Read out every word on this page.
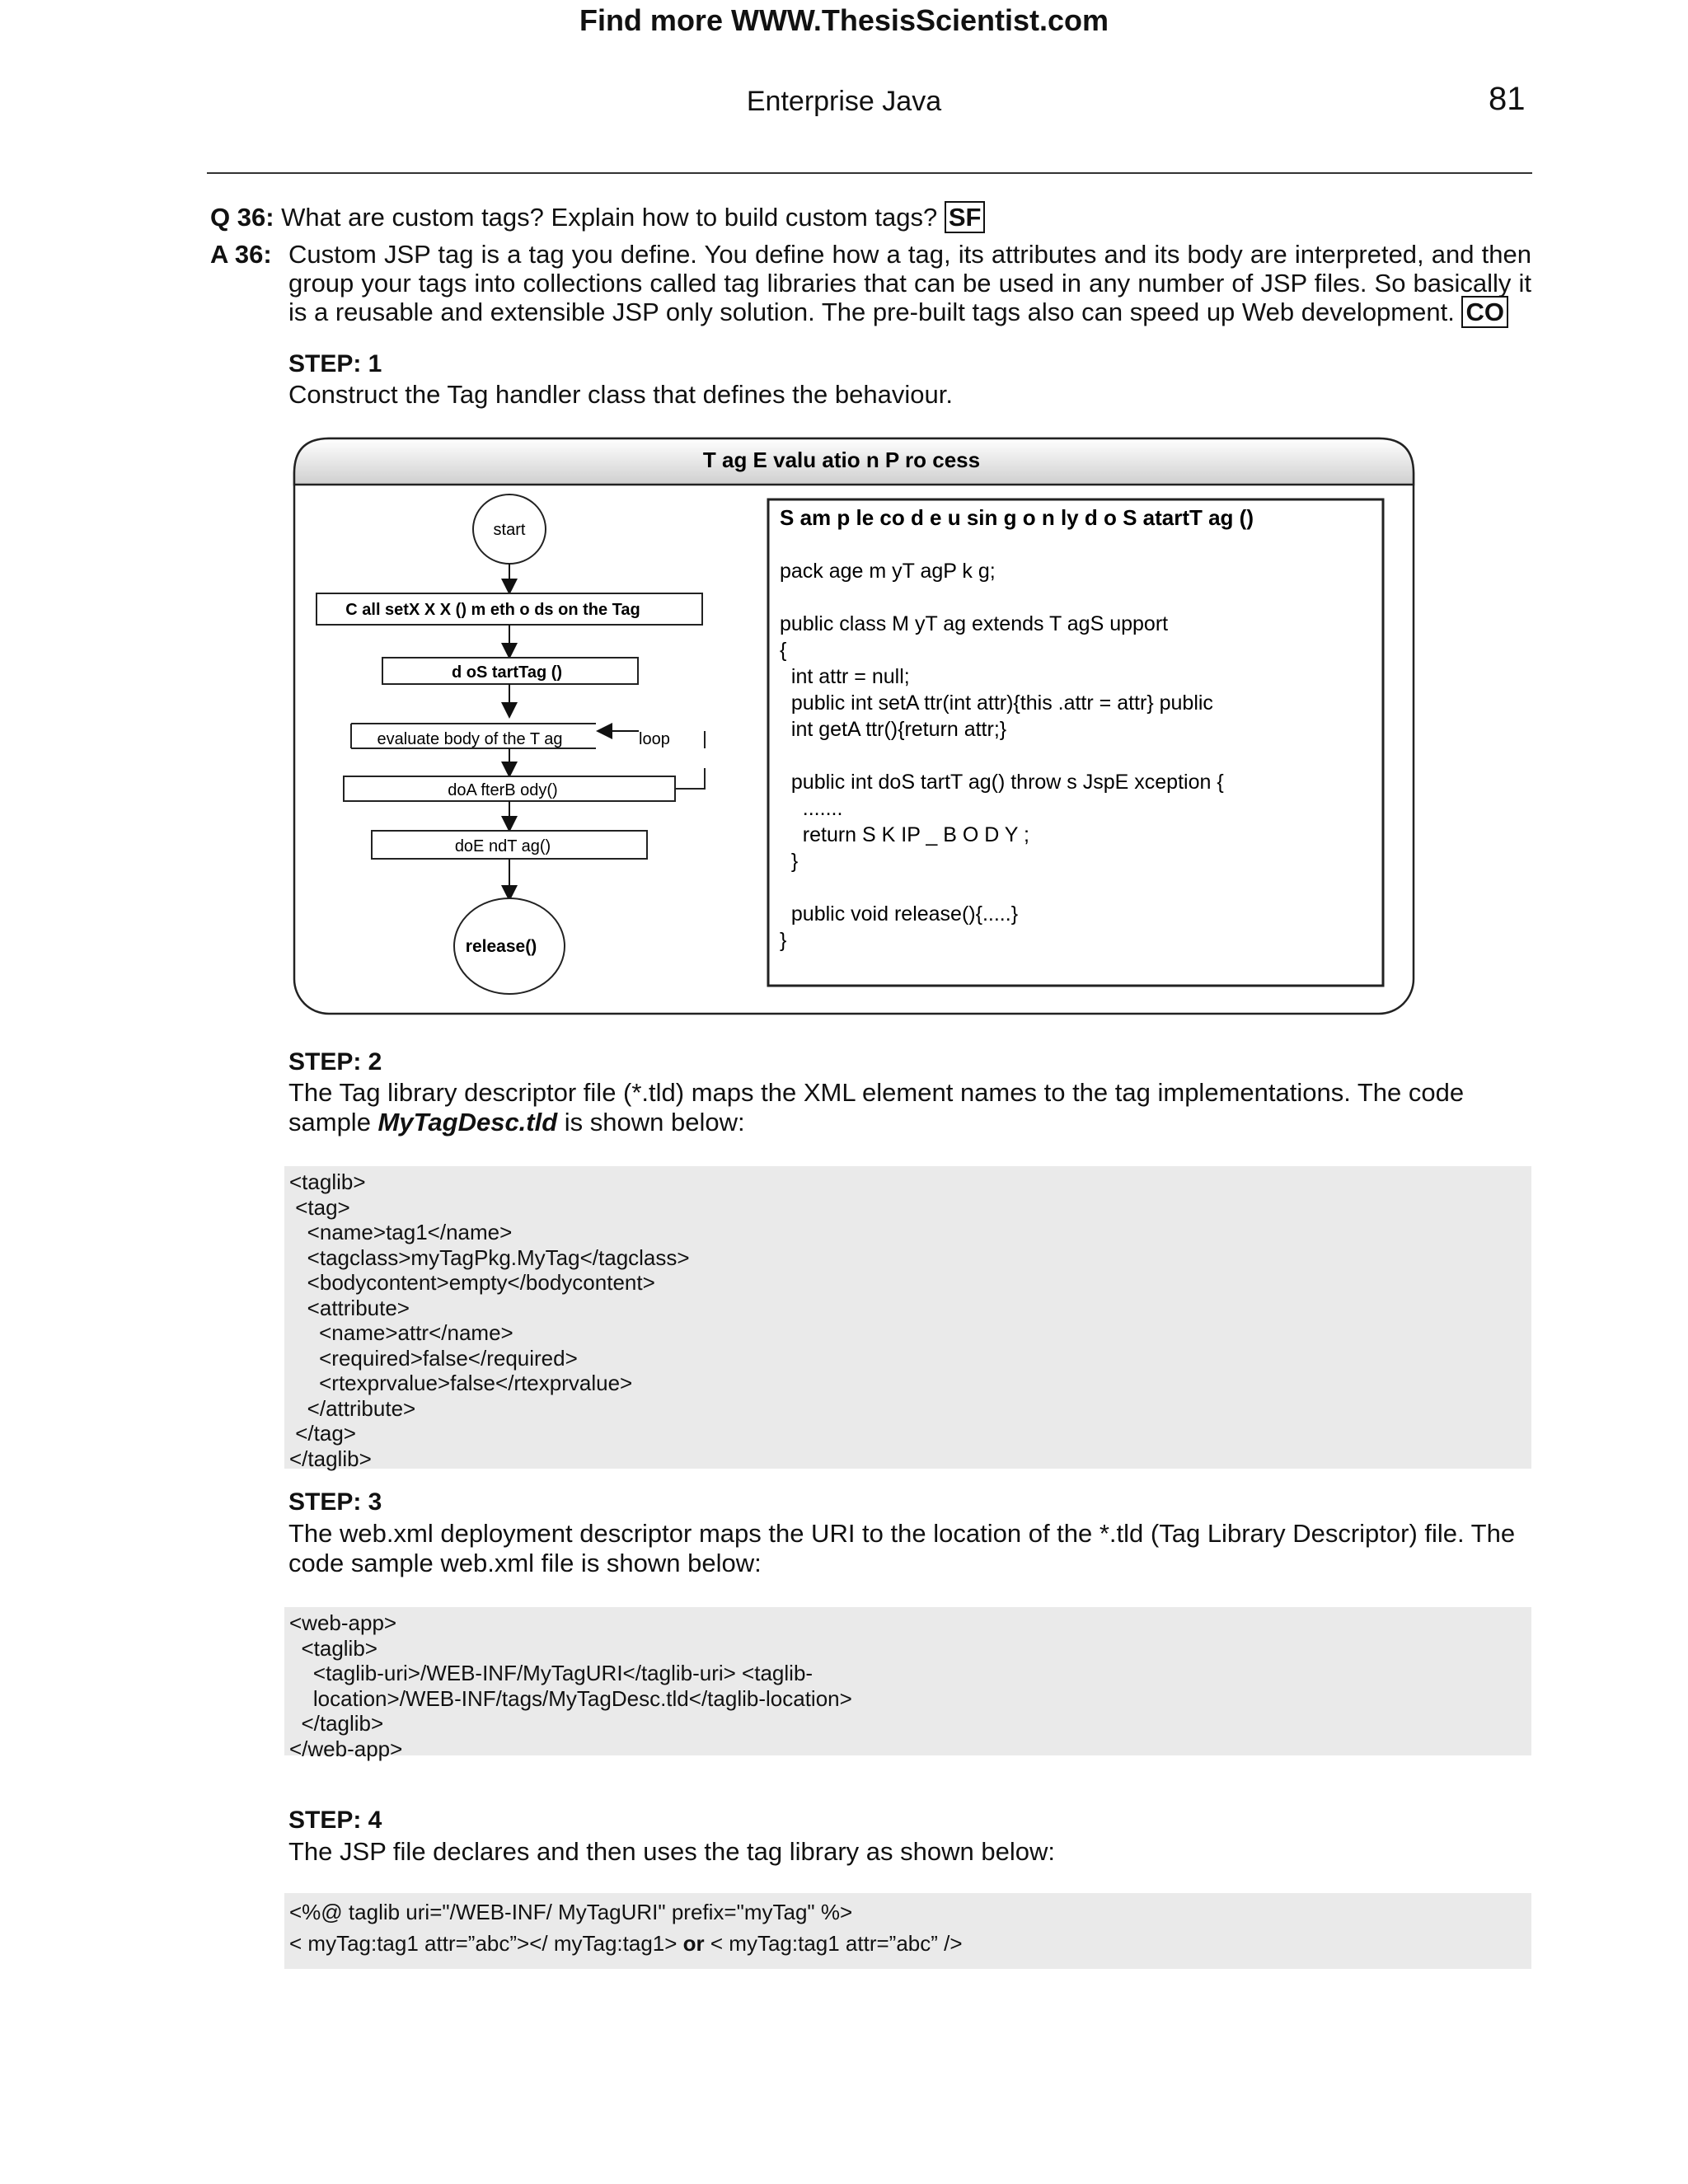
Find more WWW.ThesisScientist.com
Enterprise Java	81
Q 36: What are custom tags? Explain how to build custom tags? SF
A 36: Custom JSP tag is a tag you define. You define how a tag, its attributes and its body are interpreted, and then group your tags into collections called tag libraries that can be used in any number of JSP files. So basically it is a reusable and extensible JSP only solution. The pre-built tags also can speed up Web development. CO
STEP: 1
Construct the Tag handler class that defines the behaviour.
T ag E valu atio n P ro cess
start
C all setX X X () m eth o ds on the Tag
d oS tartTag ()
evaluate body of the T ag	loop
doA fterB ody()
doE ndT ag()
release()
S am p le co d e u sin g o n ly d o S atartT ag ()
pack age m yT agP k g;
public class M yT ag extends T agS upport
{
int attr = null;
public int setA ttr(int attr){this .attr = attr} public
int getA ttr(){return attr;}
public int doS tartT ag() throw s JspE xception {
.......
return S K IP _ B O D Y ;
}
public void release(){.....}
}
STEP: 2
The Tag library descriptor file (*.tld) maps the XML element names to the tag implementations. The code sample MyTagDesc.tld is shown below:
<taglib>
<tag>
<name>tag1</name>
<tagclass>myTagPkg.MyTag</tagclass>
<bodycontent>empty</bodycontent>
<attribute>
<name>attr</name>
<required>false</required>
<rtexprvalue>false</rtexprvalue>
</attribute>
</tag>
</taglib>
STEP: 3
The web.xml deployment descriptor maps the URI to the location of the *.tld (Tag Library Descriptor) file. The code sample web.xml file is shown below:
<web-app>
<taglib>
<taglib-uri>/WEB-INF/MyTagURI</taglib-uri> <taglib-
location>/WEB-INF/tags/MyTagDesc.tld</taglib-location>
</taglib>
</web-app>
STEP: 4
The JSP file declares and then uses the tag library as shown below:
<%@ taglib uri="/WEB-INF/ MyTagURI" prefix="myTag" %>
< myTag:tag1 attr=”abc”></ myTag:tag1> or < myTag:tag1 attr=”abc” />
